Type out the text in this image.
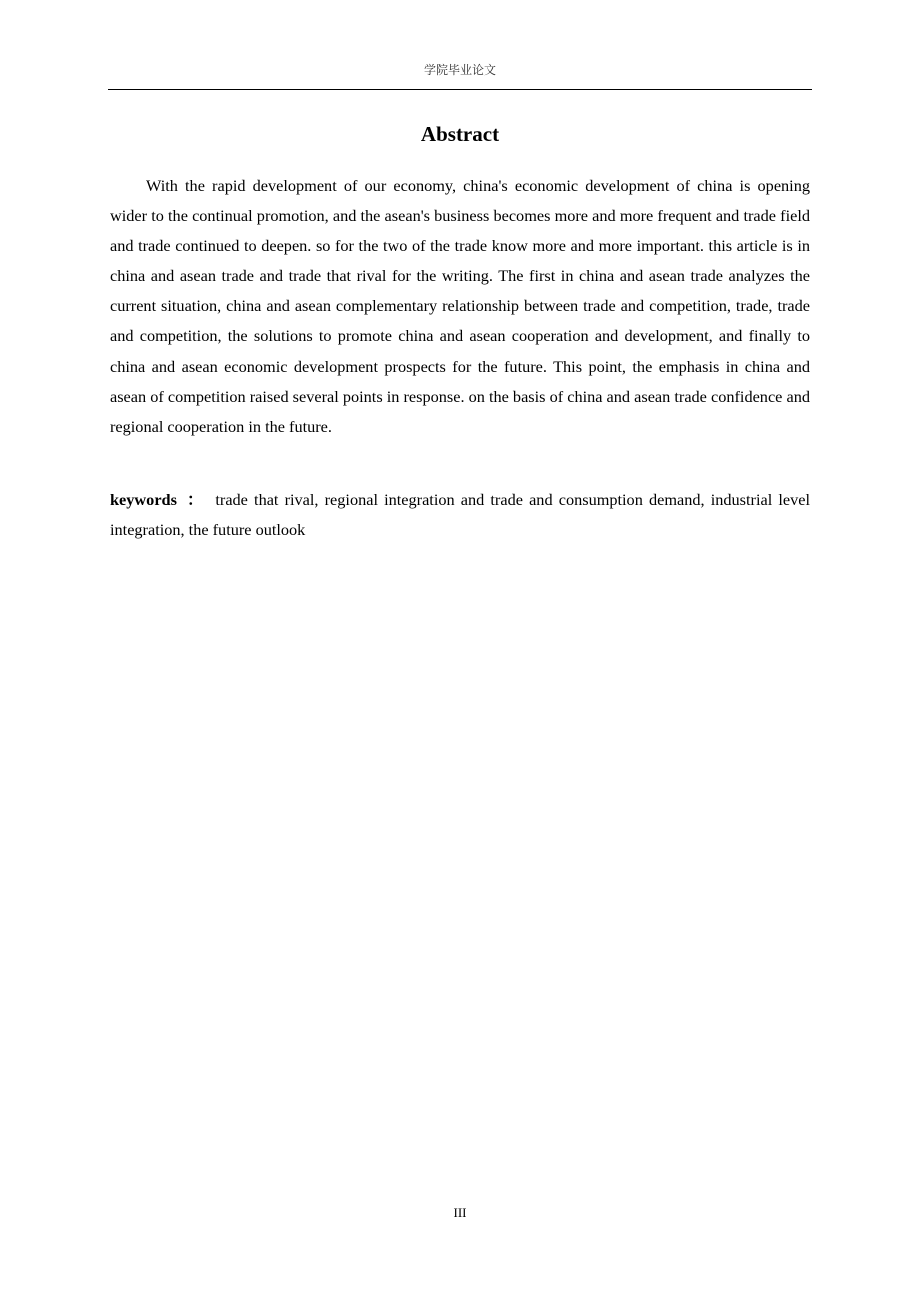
学院毕业论文
Abstract

With the rapid development of our economy, china's economic development of china is opening wider to the continual promotion, and the asean's business becomes more and more frequent and trade field and trade continued to deepen. so for the two of the trade know more and more important. this article is in china and asean trade and trade that rival for the writing. The first in china and asean trade analyzes the current situation, china and asean complementary relationship between trade and competition, trade, trade and competition, the solutions to promote china and asean cooperation and development, and finally to china and asean economic development prospects for the future. This point, the emphasis in china and asean of competition raised several points in response. on the basis of china and asean trade confidence and regional cooperation in the future.

keywords ： trade that rival, regional integration and trade and consumption demand, industrial level integration, the future outlook

III
